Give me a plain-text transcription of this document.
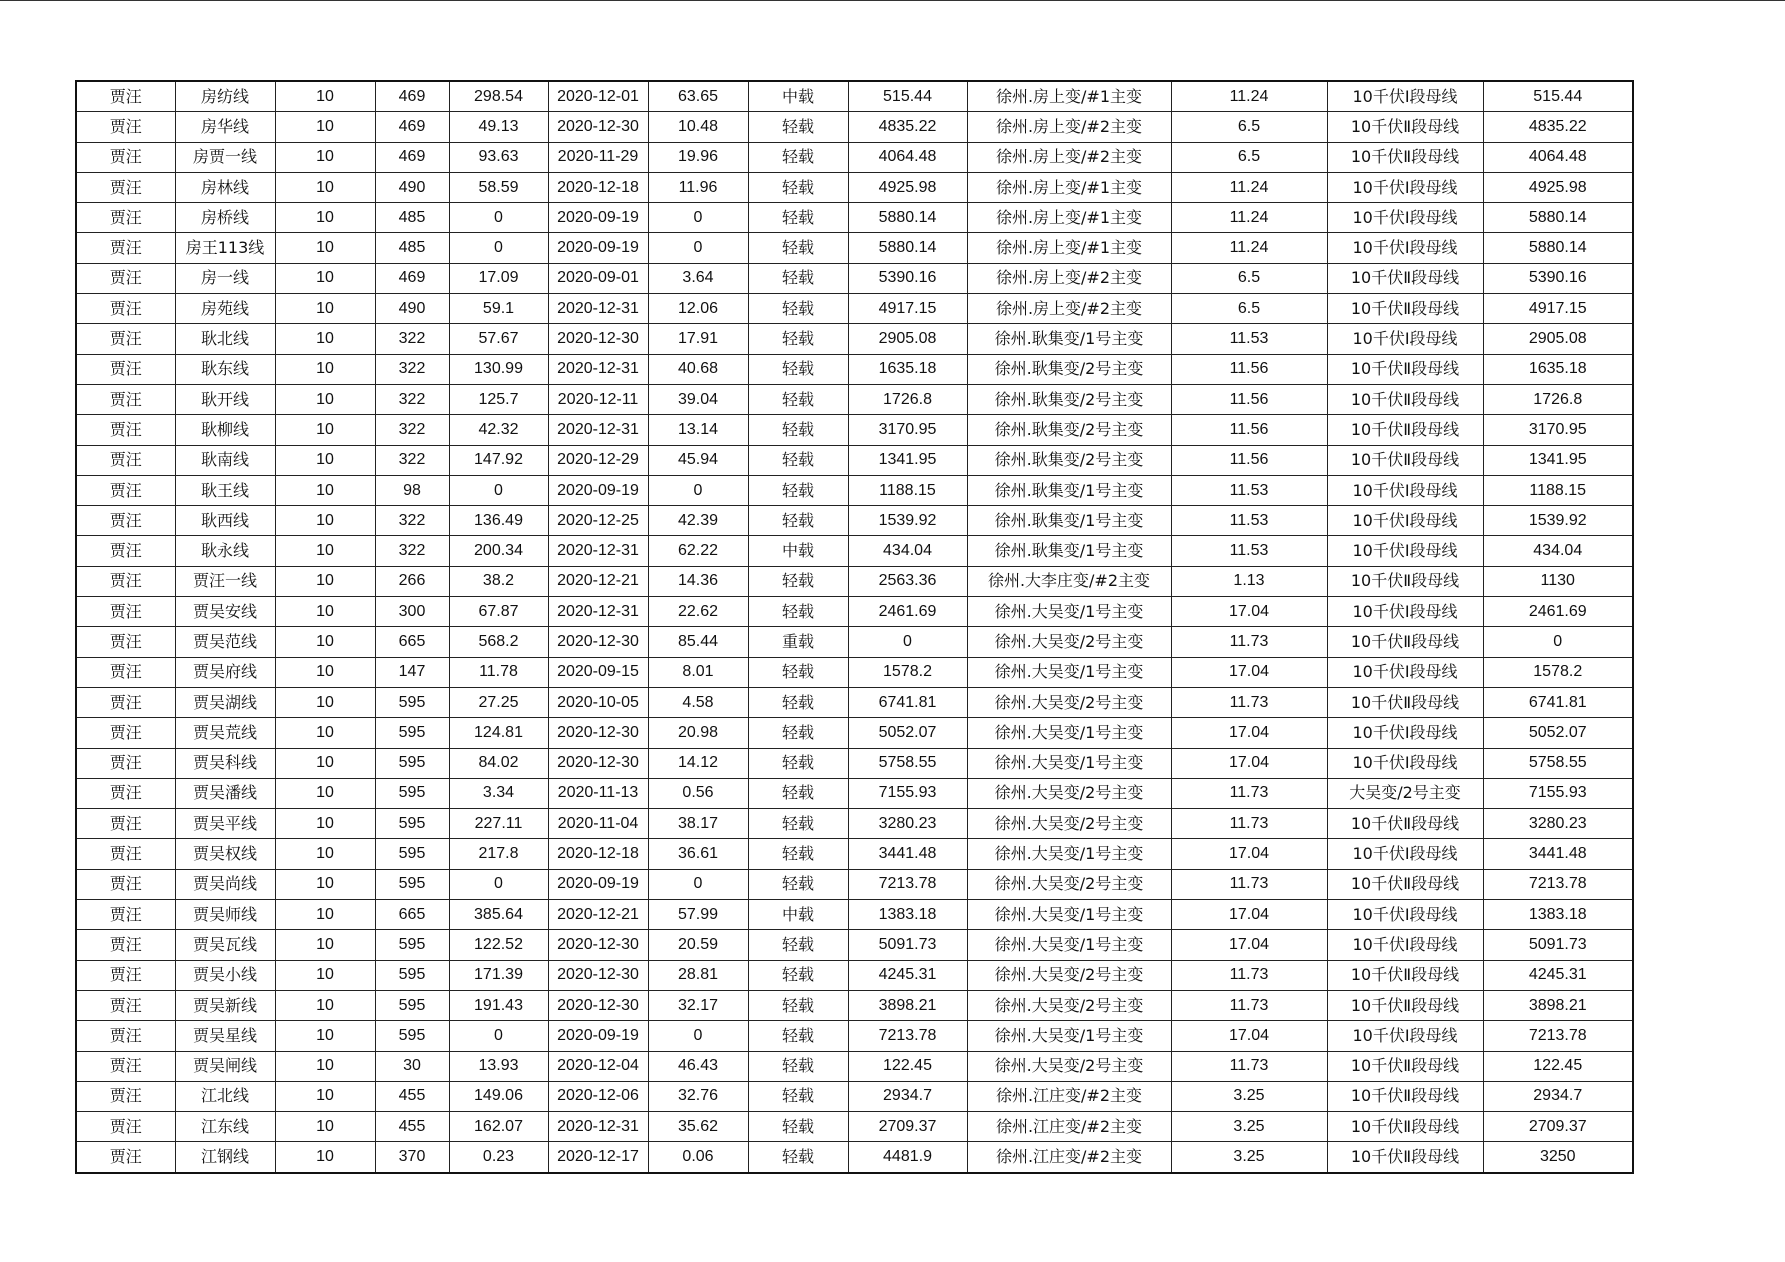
贾汪	房纺线	10	469	298.54	2020-12-01	63.65	中载	515.44	徐州.房上变/#1主变	11.24	10千伏Ⅰ段母线	515.44
贾汪	房华线	10	469	49.13	2020-12-30	10.48	轻载	4835.22	徐州.房上变/#2主变	6.5	10千伏Ⅱ段母线	4835.22
贾汪	房贾一线	10	469	93.63	2020-11-29	19.96	轻载	4064.48	徐州.房上变/#2主变	6.5	10千伏Ⅱ段母线	4064.48
贾汪	房林线	10	490	58.59	2020-12-18	11.96	轻载	4925.98	徐州.房上变/#1主变	11.24	10千伏Ⅰ段母线	4925.98
贾汪	房桥线	10	485	0	2020-09-19	0	轻载	5880.14	徐州.房上变/#1主变	11.24	10千伏Ⅰ段母线	5880.14
贾汪	房王113线	10	485	0	2020-09-19	0	轻载	5880.14	徐州.房上变/#1主变	11.24	10千伏Ⅰ段母线	5880.14
贾汪	房一线	10	469	17.09	2020-09-01	3.64	轻载	5390.16	徐州.房上变/#2主变	6.5	10千伏Ⅱ段母线	5390.16
贾汪	房苑线	10	490	59.1	2020-12-31	12.06	轻载	4917.15	徐州.房上变/#2主变	6.5	10千伏Ⅱ段母线	4917.15
贾汪	耿北线	10	322	57.67	2020-12-30	17.91	轻载	2905.08	徐州.耿集变/1号主变	11.53	10千伏Ⅰ段母线	2905.08
贾汪	耿东线	10	322	130.99	2020-12-31	40.68	轻载	1635.18	徐州.耿集变/2号主变	11.56	10千伏Ⅱ段母线	1635.18
贾汪	耿开线	10	322	125.7	2020-12-11	39.04	轻载	1726.8	徐州.耿集变/2号主变	11.56	10千伏Ⅱ段母线	1726.8
贾汪	耿柳线	10	322	42.32	2020-12-31	13.14	轻载	3170.95	徐州.耿集变/2号主变	11.56	10千伏Ⅱ段母线	3170.95
贾汪	耿南线	10	322	147.92	2020-12-29	45.94	轻载	1341.95	徐州.耿集变/2号主变	11.56	10千伏Ⅱ段母线	1341.95
贾汪	耿王线	10	98	0	2020-09-19	0	轻载	1188.15	徐州.耿集变/1号主变	11.53	10千伏Ⅰ段母线	1188.15
贾汪	耿西线	10	322	136.49	2020-12-25	42.39	轻载	1539.92	徐州.耿集变/1号主变	11.53	10千伏Ⅰ段母线	1539.92
贾汪	耿永线	10	322	200.34	2020-12-31	62.22	中载	434.04	徐州.耿集变/1号主变	11.53	10千伏Ⅰ段母线	434.04
贾汪	贾汪一线	10	266	38.2	2020-12-21	14.36	轻载	2563.36	徐州.大李庄变/#2主变	1.13	10千伏Ⅱ段母线	1130
贾汪	贾吴安线	10	300	67.87	2020-12-31	22.62	轻载	2461.69	徐州.大吴变/1号主变	17.04	10千伏Ⅰ段母线	2461.69
贾汪	贾吴范线	10	665	568.2	2020-12-30	85.44	重载	0	徐州.大吴变/2号主变	11.73	10千伏Ⅱ段母线	0
贾汪	贾吴府线	10	147	11.78	2020-09-15	8.01	轻载	1578.2	徐州.大吴变/1号主变	17.04	10千伏Ⅰ段母线	1578.2
贾汪	贾吴湖线	10	595	27.25	2020-10-05	4.58	轻载	6741.81	徐州.大吴变/2号主变	11.73	10千伏Ⅱ段母线	6741.81
贾汪	贾吴荒线	10	595	124.81	2020-12-30	20.98	轻载	5052.07	徐州.大吴变/1号主变	17.04	10千伏Ⅰ段母线	5052.07
贾汪	贾吴科线	10	595	84.02	2020-12-30	14.12	轻载	5758.55	徐州.大吴变/1号主变	17.04	10千伏Ⅰ段母线	5758.55
贾汪	贾吴潘线	10	595	3.34	2020-11-13	0.56	轻载	7155.93	徐州.大吴变/2号主变	11.73	大吴变/2号主变	7155.93
贾汪	贾吴平线	10	595	227.11	2020-11-04	38.17	轻载	3280.23	徐州.大吴变/2号主变	11.73	10千伏Ⅱ段母线	3280.23
贾汪	贾吴权线	10	595	217.8	2020-12-18	36.61	轻载	3441.48	徐州.大吴变/1号主变	17.04	10千伏Ⅰ段母线	3441.48
贾汪	贾吴尚线	10	595	0	2020-09-19	0	轻载	7213.78	徐州.大吴变/2号主变	11.73	10千伏Ⅱ段母线	7213.78
贾汪	贾吴师线	10	665	385.64	2020-12-21	57.99	中载	1383.18	徐州.大吴变/1号主变	17.04	10千伏Ⅰ段母线	1383.18
贾汪	贾吴瓦线	10	595	122.52	2020-12-30	20.59	轻载	5091.73	徐州.大吴变/1号主变	17.04	10千伏Ⅰ段母线	5091.73
贾汪	贾吴小线	10	595	171.39	2020-12-30	28.81	轻载	4245.31	徐州.大吴变/2号主变	11.73	10千伏Ⅱ段母线	4245.31
贾汪	贾吴新线	10	595	191.43	2020-12-30	32.17	轻载	3898.21	徐州.大吴变/2号主变	11.73	10千伏Ⅱ段母线	3898.21
贾汪	贾吴星线	10	595	0	2020-09-19	0	轻载	7213.78	徐州.大吴变/1号主变	17.04	10千伏Ⅰ段母线	7213.78
贾汪	贾吴闸线	10	30	13.93	2020-12-04	46.43	轻载	122.45	徐州.大吴变/2号主变	11.73	10千伏Ⅱ段母线	122.45
贾汪	江北线	10	455	149.06	2020-12-06	32.76	轻载	2934.7	徐州.江庄变/#2主变	3.25	10千伏Ⅱ段母线	2934.7
贾汪	江东线	10	455	162.07	2020-12-31	35.62	轻载	2709.37	徐州.江庄变/#2主变	3.25	10千伏Ⅱ段母线	2709.37
贾汪	江钢线	10	370	0.23	2020-12-17	0.06	轻载	4481.9	徐州.江庄变/#2主变	3.25	10千伏Ⅱ段母线	3250
